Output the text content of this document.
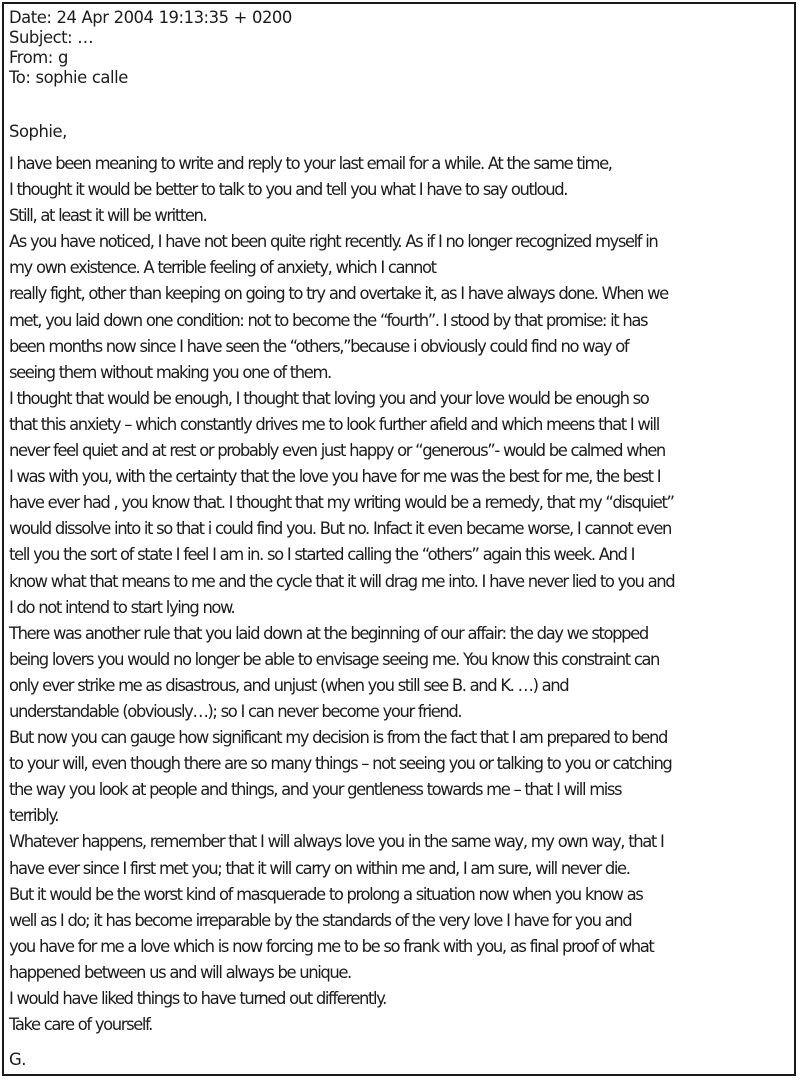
Date: 24 Apr 2004 19:13:35 + 0200
Subject: …
From: g
To: sophie calle
Sophie,
I have been meaning to write and reply to your last email for a while. At the same time,
I thought it would be better to talk to you and tell you what I have to say outloud.
Still, at least it will be written.
As you have noticed, I have not been quite right recently. As if I no longer recognized myself in
my own existence. A terrible feeling of anxiety, which I cannot
really fight, other than keeping on going to try and overtake it, as I have always done. When we
met, you laid down one condition: not to become the “fourth”. I stood by that promise: it has
been months now since I have seen the “others,”because i obviously could find no way of
seeing them without making you one of them.
I thought that would be enough, I thought that loving you and your love would be enough so
that this anxiety – which constantly drives me to look further afield and which meens that I will
never feel quiet and at rest or probably even just happy or “generous”- would be calmed when
I was with you, with the certainty that the love you have for me was the best for me, the best I
have ever had , you know that. I thought that my writing would be a remedy, that my “disquiet”
would dissolve into it so that i could find you. But no. Infact it even became worse, I cannot even
tell you the sort of state I feel I am in. so I started calling the “others” again this week. And I
know what that means to me and the cycle that it will drag me into. I have never lied to you and
I do not intend to start lying now.
There was another rule that you laid down at the beginning of our affair: the day we stopped
being lovers you would no longer be able to envisage seeing me. You know this constraint can
only ever strike me as disastrous, and unjust (when you still see B. and K. …) and
understandable (obviously…); so I can never become your friend.
But now you can gauge how significant my decision is from the fact that I am prepared to bend
to your will, even though there are so many things – not seeing you or talking to you or catching
the way you look at people and things, and your gentleness towards me – that I will miss
terribly.
Whatever happens, remember that I will always love you in the same way, my own way, that I
have ever since I first met you; that it will carry on within me and, I am sure, will never die.
But it would be the worst kind of masquerade to prolong a situation now when you know as
well as I do; it has become irreparable by the standards of the very love I have for you and
you have for me a love which is now forcing me to be so frank with you, as final proof of what
happened between us and will always be unique.
I would have liked things to have turned out differently.
Take care of yourself.
G.
